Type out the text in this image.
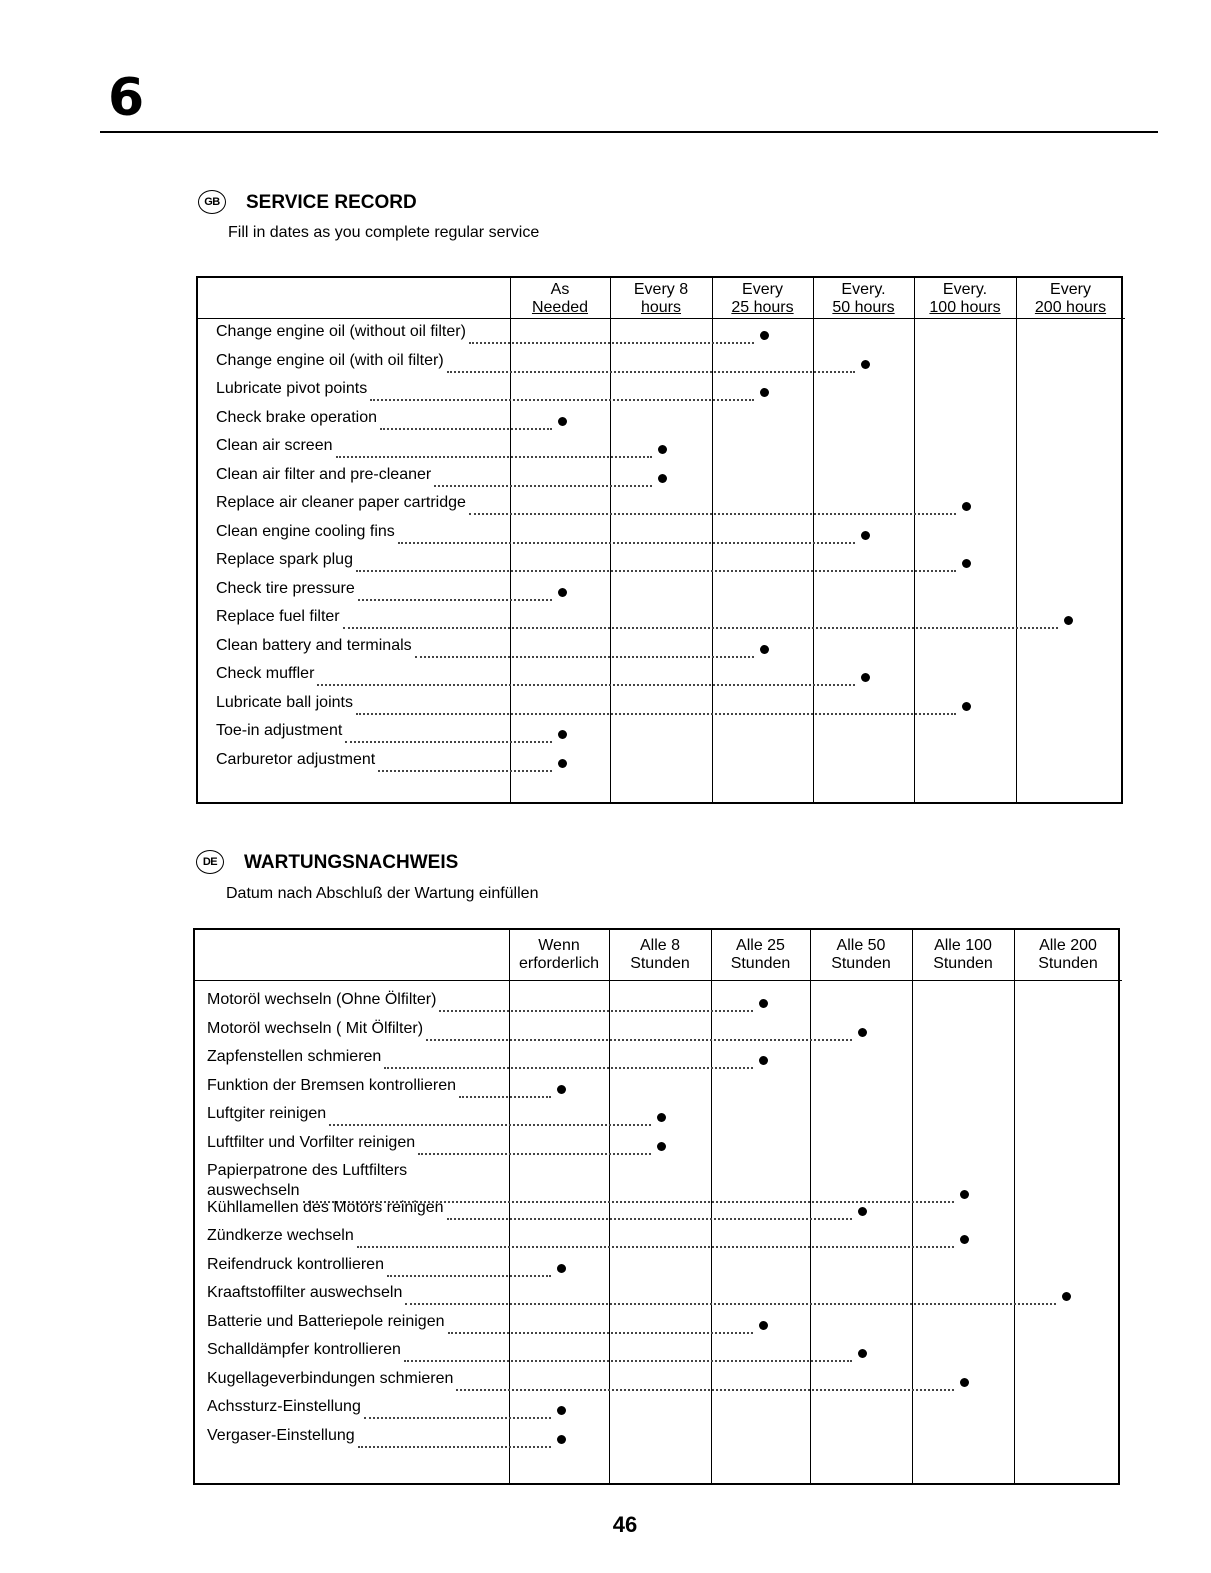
6
GB	SERVICE RECORD
Fill in dates as you complete regular service
As
Needed
Every 8
hours
Every
25 hours
Every.
50 hours
Every.
100 hours
Every
200 hours
Change engine oil (without oil filter)
Change engine oil (with oil filter)
Lubricate pivot points
Check brake operation
Clean air screen
Clean air filter and pre-cleaner
Replace air cleaner paper cartridge
Clean engine cooling fins
Replace spark plug
Check tire pressure
Replace fuel filter
Clean battery and terminals
Check muffler
Lubricate ball joints
Toe-in adjustment
Carburetor adjustment
DE	WARTUNGSNACHWEIS
Datum nach Abschluß der Wartung einfüllen
Wenn
erforderlich
Alle 8
Stunden
Alle 25
Stunden
Alle 50
Stunden
Alle 100
Stunden
Alle 200
Stunden
Motoröl wechseln (Ohne Ölfilter)
Motoröl wechseln ( Mit Ölfilter)
Zapfenstellen schmieren
Funktion der Bremsen kontrollieren
Luftgiter reinigen
Luftfilter und Vorfilter reinigen
Papierpatrone des Luftfilters
auswechseln
Kühllamellen des Motors reinigen
Zündkerze wechseln
Reifendruck kontrollieren
Kraaftstoffilter auswechseln
Batterie und Batteriepole reinigen
Schalldämpfer kontrollieren
Kugellageverbindungen schmieren
Achssturz-Einstellung
Vergaser-Einstellung
46
